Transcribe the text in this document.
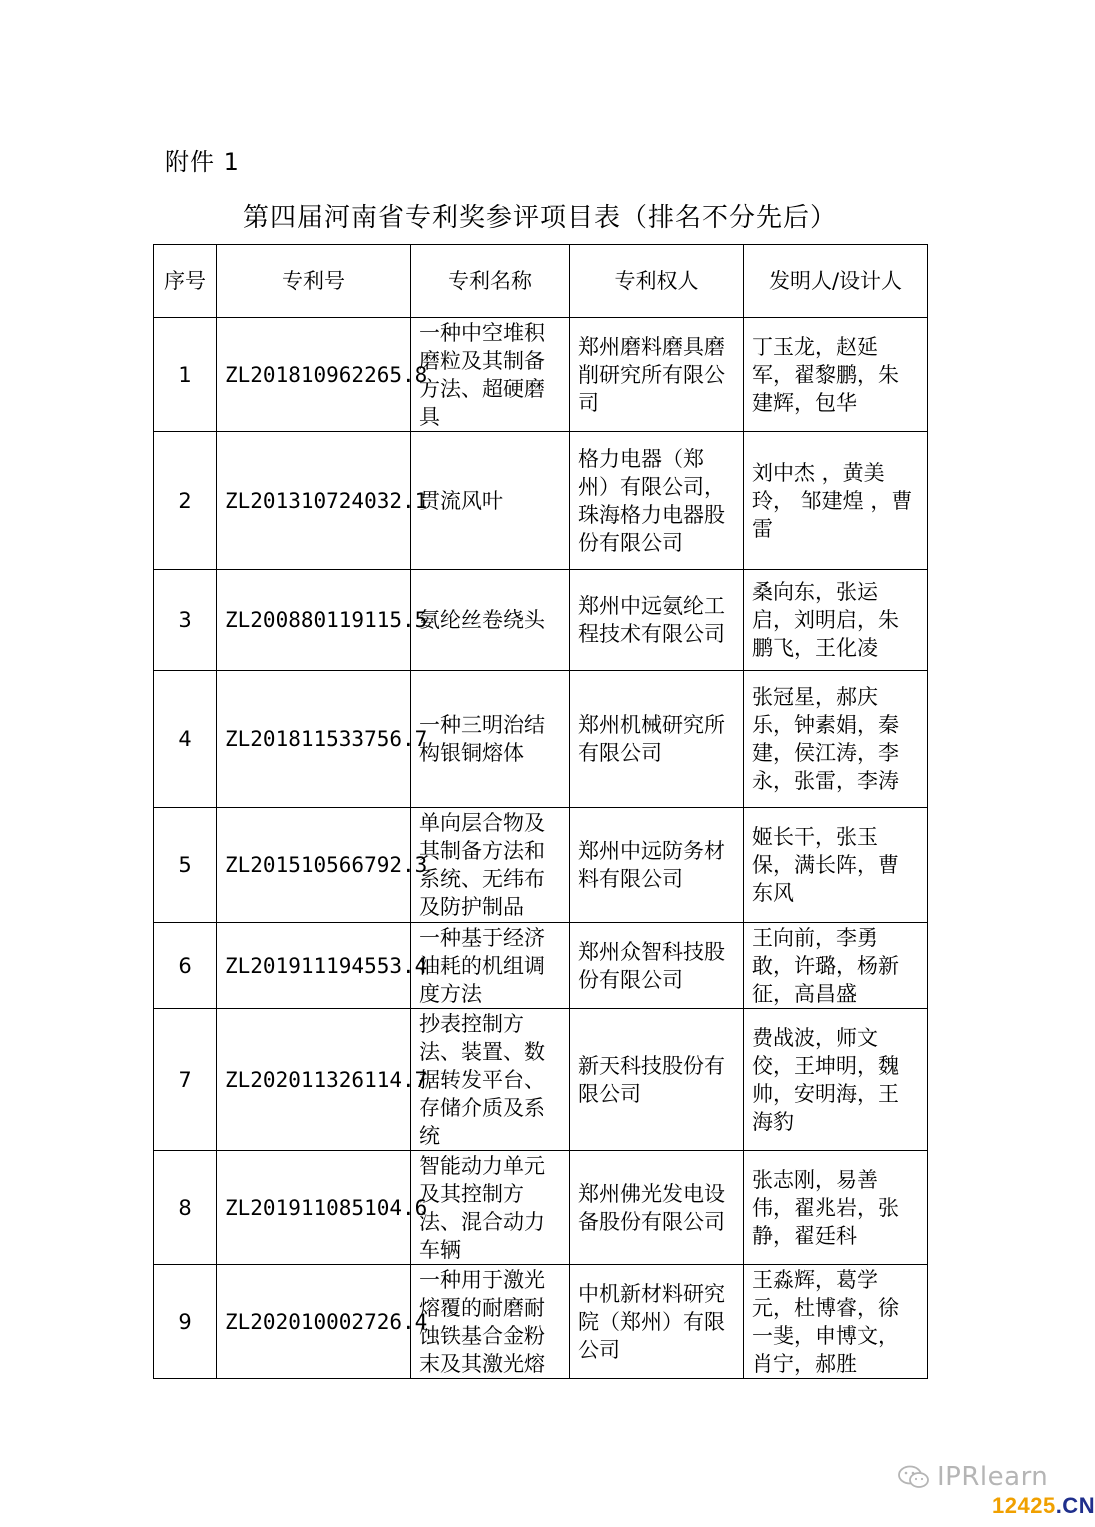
附件 1
第四届河南省专利奖参评项目表（排名不分先后）
序号	专利号	专利名称	专利权人	发明人/设计人
1	ZL201810962265.8	一种中空堆积磨粒及其制备方法、超硬磨具	郑州磨料磨具磨削研究所有限公司	丁玉龙，赵延军，翟黎鹏，朱建辉，包华
2	ZL201310724032.1	贯流风叶	格力电器（郑州）有限公司，珠海格力电器股份有限公司	刘中杰 ，黄美玲， 邹建煌 ，曹雷
3	ZL200880119115.5	氨纶丝卷绕头	郑州中远氨纶工程技术有限公司	桑向东，张运启，刘明启，朱鹏飞，王化凌
4	ZL201811533756.7	一种三明治结构银铜熔体	郑州机械研究所有限公司	张冠星，郝庆乐，钟素娟，秦建，侯江涛，李永，张雷，李涛
5	ZL201510566792.3	单向层合物及其制备方法和系统、无纬布及防护制品	郑州中远防务材料有限公司	姬长干，张玉保，满长阵，曹东风
6	ZL201911194553.4	一种基于经济油耗的机组调度方法	郑州众智科技股份有限公司	王向前，李勇敢，许璐，杨新征，高昌盛
7	ZL202011326114.7	抄表控制方法、装置、数据转发平台、存储介质及系统	新天科技股份有限公司	费战波，师文佼，王坤明，魏帅，安明海，王海豹
8	ZL201911085104.6	智能动力单元及其控制方法、混合动力车辆	郑州佛光发电设备股份有限公司	张志刚，易善伟，翟兆岩，张静，翟廷科
9	ZL202010002726.4	一种用于激光熔覆的耐磨耐蚀铁基合金粉末及其激光熔	中机新材料研究院（郑州）有限公司	王淼辉，葛学元，杜博睿，徐一斐，申博文，肖宁，郝胜
IPRlearn
12425.CN
